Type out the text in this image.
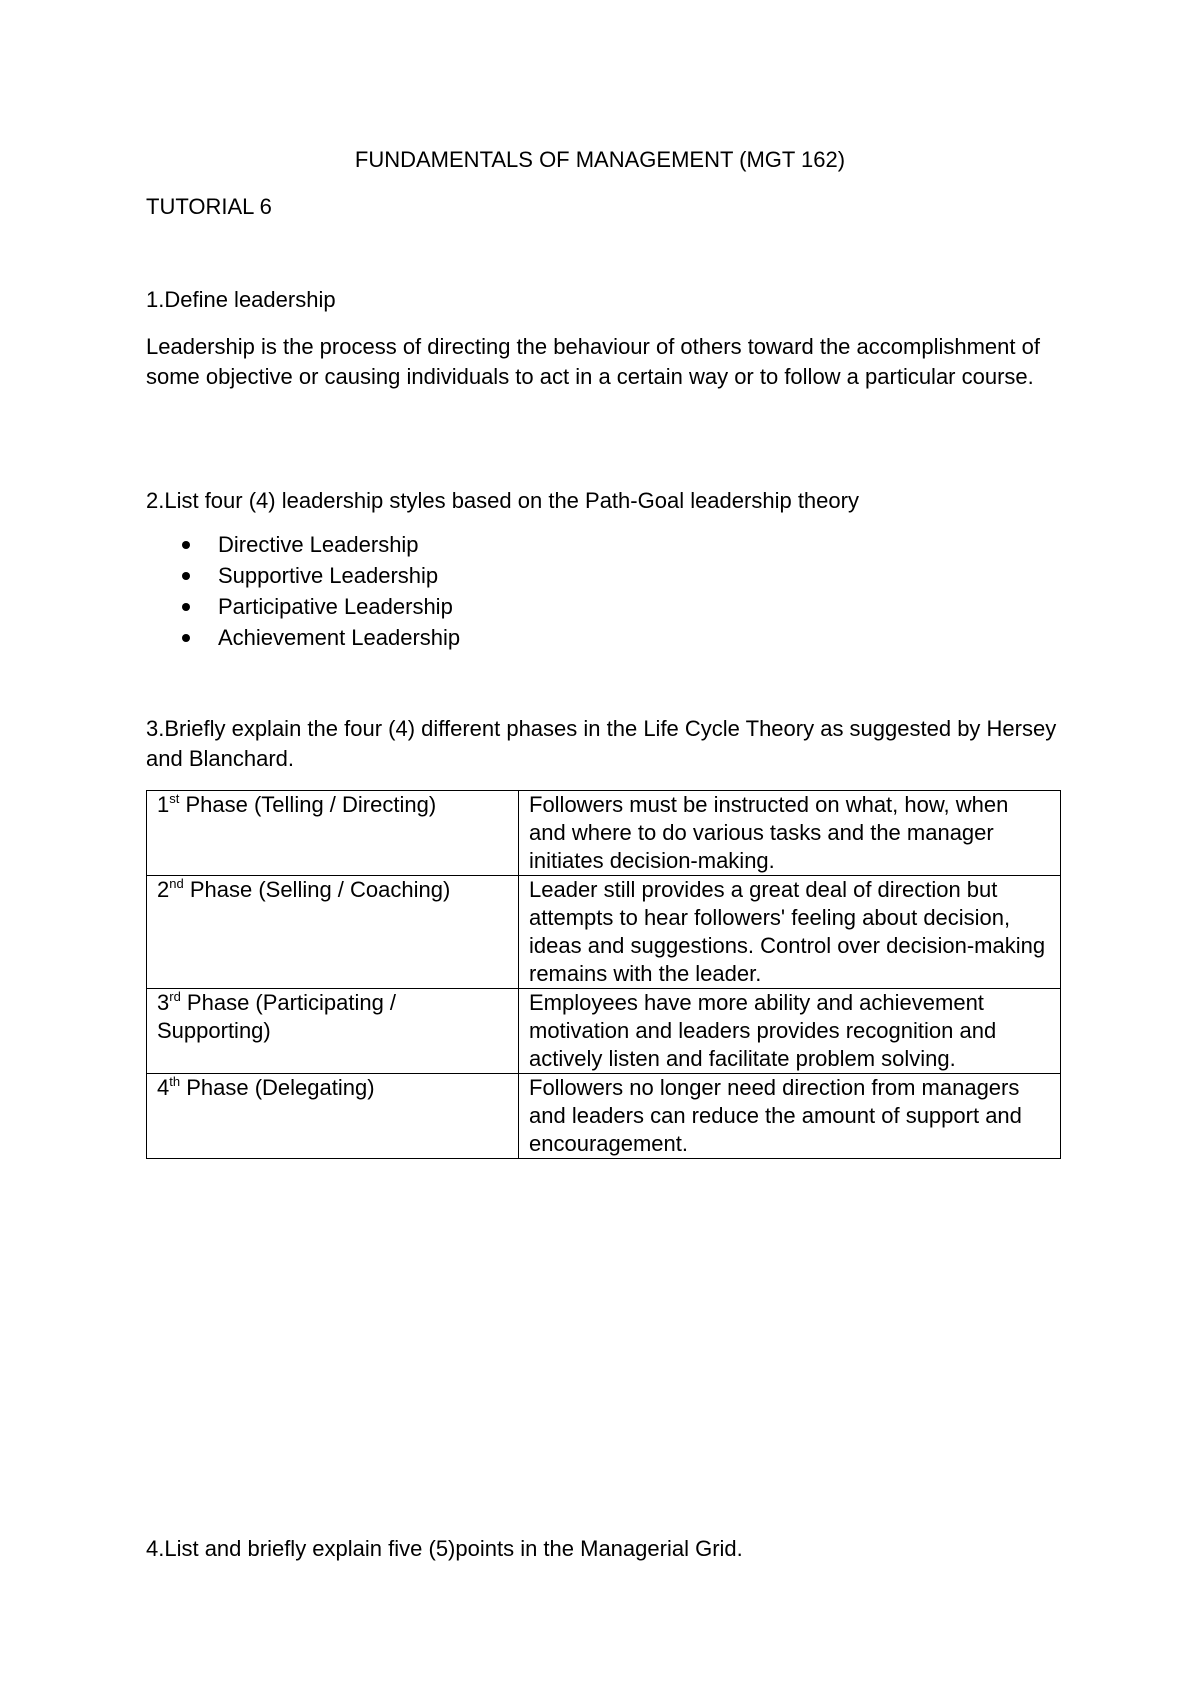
FUNDAMENTALS OF MANAGEMENT (MGT 162)
TUTORIAL 6
1.Define leadership
Leadership is the process of directing the behaviour of others toward the accomplishment of some objective or causing individuals to act in a certain way or to follow a particular course.
2.List four (4) leadership styles based on the Path-Goal leadership theory
Directive Leadership
Supportive Leadership
Participative Leadership
Achievement Leadership
3.Briefly explain the four (4) different phases in the Life Cycle Theory as suggested by Hersey and Blanchard.
1st Phase (Telling / Directing)	Followers must be instructed on what, how, when and where to do various tasks and the manager initiates decision-making.
2nd Phase (Selling / Coaching)	Leader still provides a great deal of direction but attempts to hear followers' feeling about decision, ideas and suggestions. Control over decision-making remains with the leader.
3rd Phase (Participating / Supporting)	Employees have more ability and achievement motivation and leaders provides recognition and actively listen and facilitate problem solving.
4th Phase (Delegating)	Followers no longer need direction from managers and leaders can reduce the amount of support and encouragement.
4.List and briefly explain five (5)points in the Managerial Grid.
